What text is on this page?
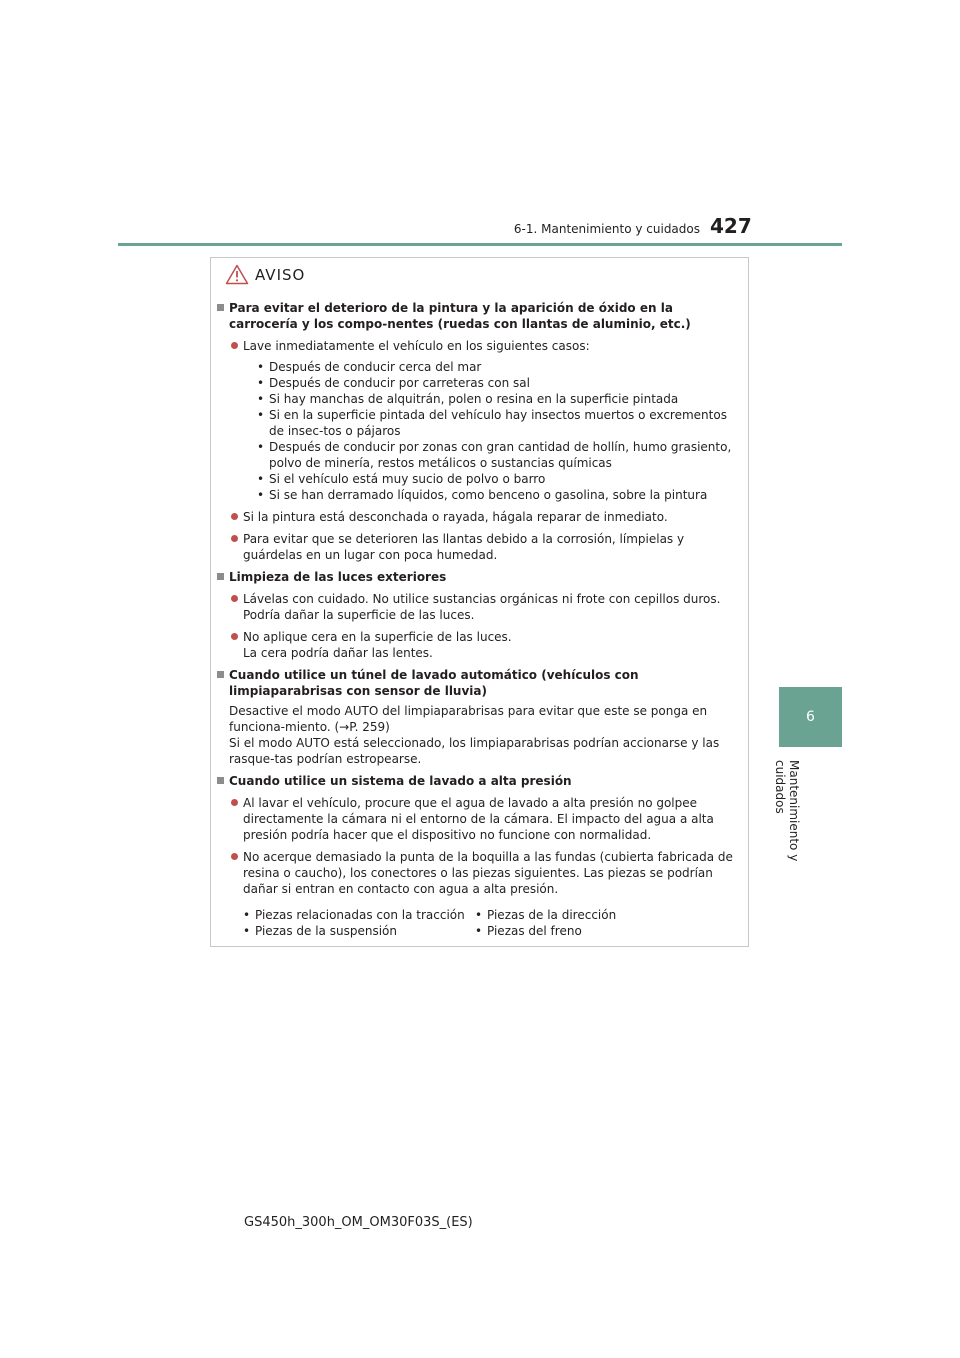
6-1. Mantenimiento y cuidados 427
6
Mantenimiento y cuidados
AVISO
Para evitar el deterioro de la pintura y la aparición de óxido en la carrocería y los compo-nentes (ruedas con llantas de aluminio, etc.)
Lave inmediatamente el vehículo en los siguientes casos:
• Después de conducir cerca del mar
• Después de conducir por carreteras con sal
• Si hay manchas de alquitrán, polen o resina en la superficie pintada
• Si en la superficie pintada del vehículo hay insectos muertos o excrementos de insec-tos o pájaros
• Después de conducir por zonas con gran cantidad de hollín, humo grasiento, polvo de minería, restos metálicos o sustancias químicas
• Si el vehículo está muy sucio de polvo o barro
• Si se han derramado líquidos, como benceno o gasolina, sobre la pintura
Si la pintura está desconchada o rayada, hágala reparar de inmediato.
Para evitar que se deterioren las llantas debido a la corrosión, límpielas y guárdelas en un lugar con poca humedad.
Limpieza de las luces exteriores
Lávelas con cuidado. No utilice sustancias orgánicas ni frote con cepillos duros.
Podría dañar la superficie de las luces.
No aplique cera en la superficie de las luces.
La cera podría dañar las lentes.
Cuando utilice un túnel de lavado automático (vehículos con limpiaparabrisas con sensor de lluvia)
Desactive el modo AUTO del limpiaparabrisas para evitar que este se ponga en funciona-miento. (→P. 259)
Si el modo AUTO está seleccionado, los limpiaparabrisas podrían accionarse y las rasque-tas podrían estropearse.
Cuando utilice un sistema de lavado a alta presión
Al lavar el vehículo, procure que el agua de lavado a alta presión no golpee directamente la cámara ni el entorno de la cámara. El impacto del agua a alta presión podría hacer que el dispositivo no funcione con normalidad.
No acerque demasiado la punta de la boquilla a las fundas (cubierta fabricada de resina o caucho), los conectores o las piezas siguientes. Las piezas se podrían dañar si entran en contacto con agua a alta presión.
• Piezas relacionadas con la tracción
• Piezas de la suspensión
• Piezas de la dirección
• Piezas del freno
GS450h_300h_OM_OM30F03S_(ES)
